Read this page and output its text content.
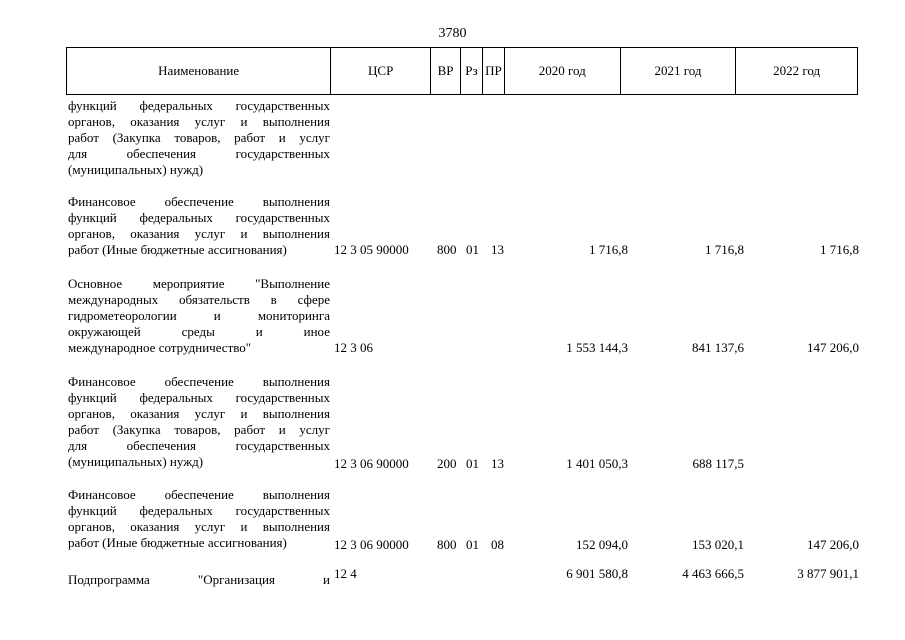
3780
Наименование	ЦСР	ВР Рз ПР	2020 год	2021 год	2022 год
функций федеральных государственных
органов, оказания услуг и выполнения
работ (Закупка товаров, работ и услуг
для обеспечения государственных
(муниципальных) нужд)
Финансовое обеспечение выполнения
функций федеральных государственных
органов, оказания услуг и выполнения
работ (Иные бюджетные ассигнования)	12 3 05 90000 800 01 13	1 716,8	1 716,8	1 716,8
Основное мероприятие "Выполнение
международных обязательств в сфере
гидрометеорологии и мониторинга
окружающей среды и иное
международное сотрудничество"	12 3 06	1 553 144,3	841 137,6	147 206,0
Финансовое обеспечение выполнения
функций федеральных государственных
органов, оказания услуг и выполнения
работ (Закупка товаров, работ и услуг
для обеспечения государственных
(муниципальных) нужд)	12 3 06 90000 200 01 13	1 401 050,3	688 117,5
Финансовое обеспечение выполнения
функций федеральных государственных
органов, оказания услуг и выполнения
работ (Иные бюджетные ассигнования)	12 3 06 90000 800 01 08	152 094,0	153 020,1	147 206,0
Подпрограмма "Организация и 12 4	6 901 580,8	4 463 666,5	3 877 901,1
